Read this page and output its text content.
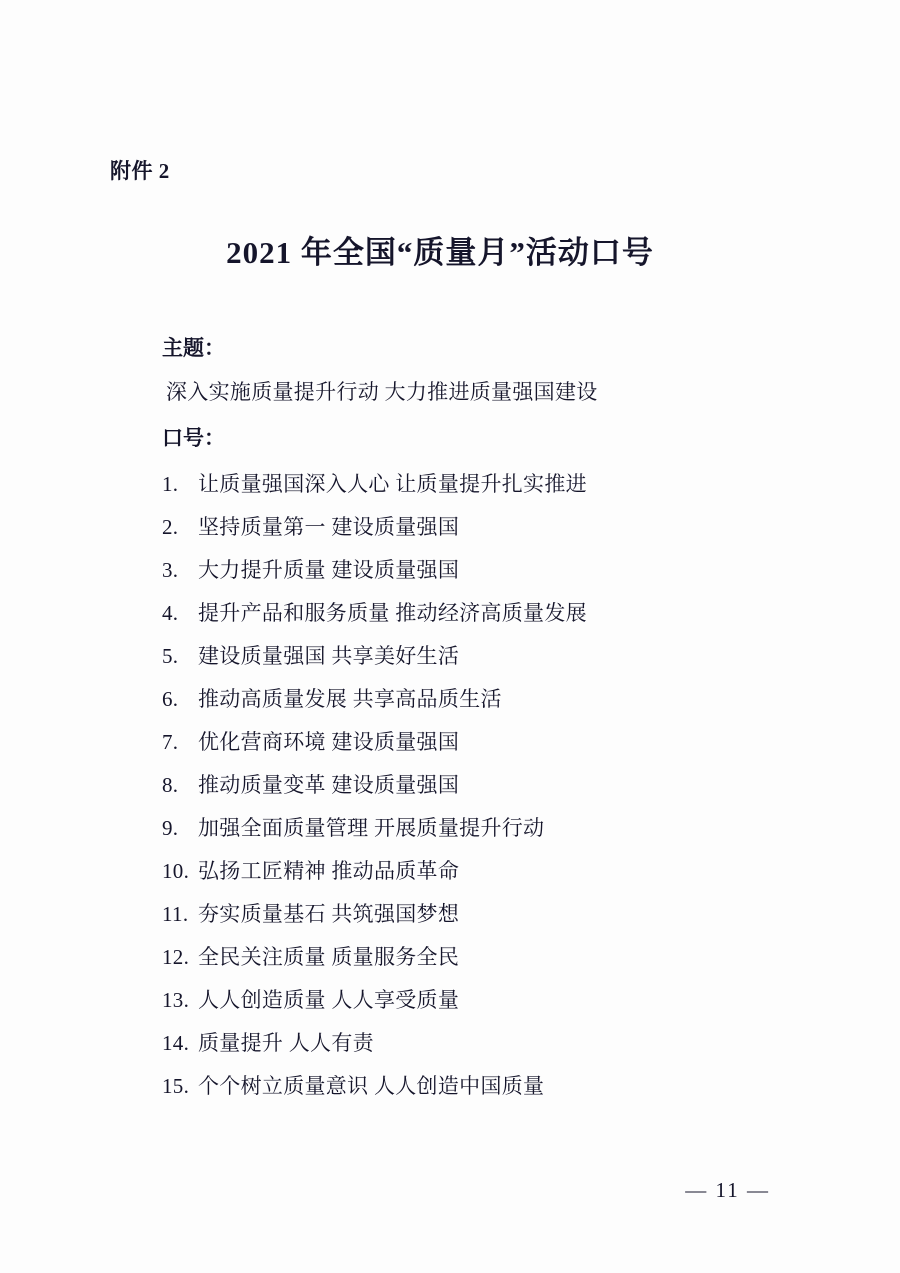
附件 2
2021 年全国“质量月”活动口号
主题：
深入实施质量提升行动 大力推进质量强国建设
口号：
1. 让质量强国深入人心 让质量提升扎实推进
2. 坚持质量第一 建设质量强国
3. 大力提升质量 建设质量强国
4. 提升产品和服务质量 推动经济高质量发展
5. 建设质量强国 共享美好生活
6. 推动高质量发展 共享高品质生活
7. 优化营商环境 建设质量强国
8. 推动质量变革 建设质量强国
9. 加强全面质量管理 开展质量提升行动
10. 弘扬工匠精神 推动品质革命
11. 夯实质量基石 共筑强国梦想
12. 全民关注质量 质量服务全民
13. 人人创造质量 人人享受质量
14. 质量提升 人人有责
15. 个个树立质量意识 人人创造中国质量
— 11 —
